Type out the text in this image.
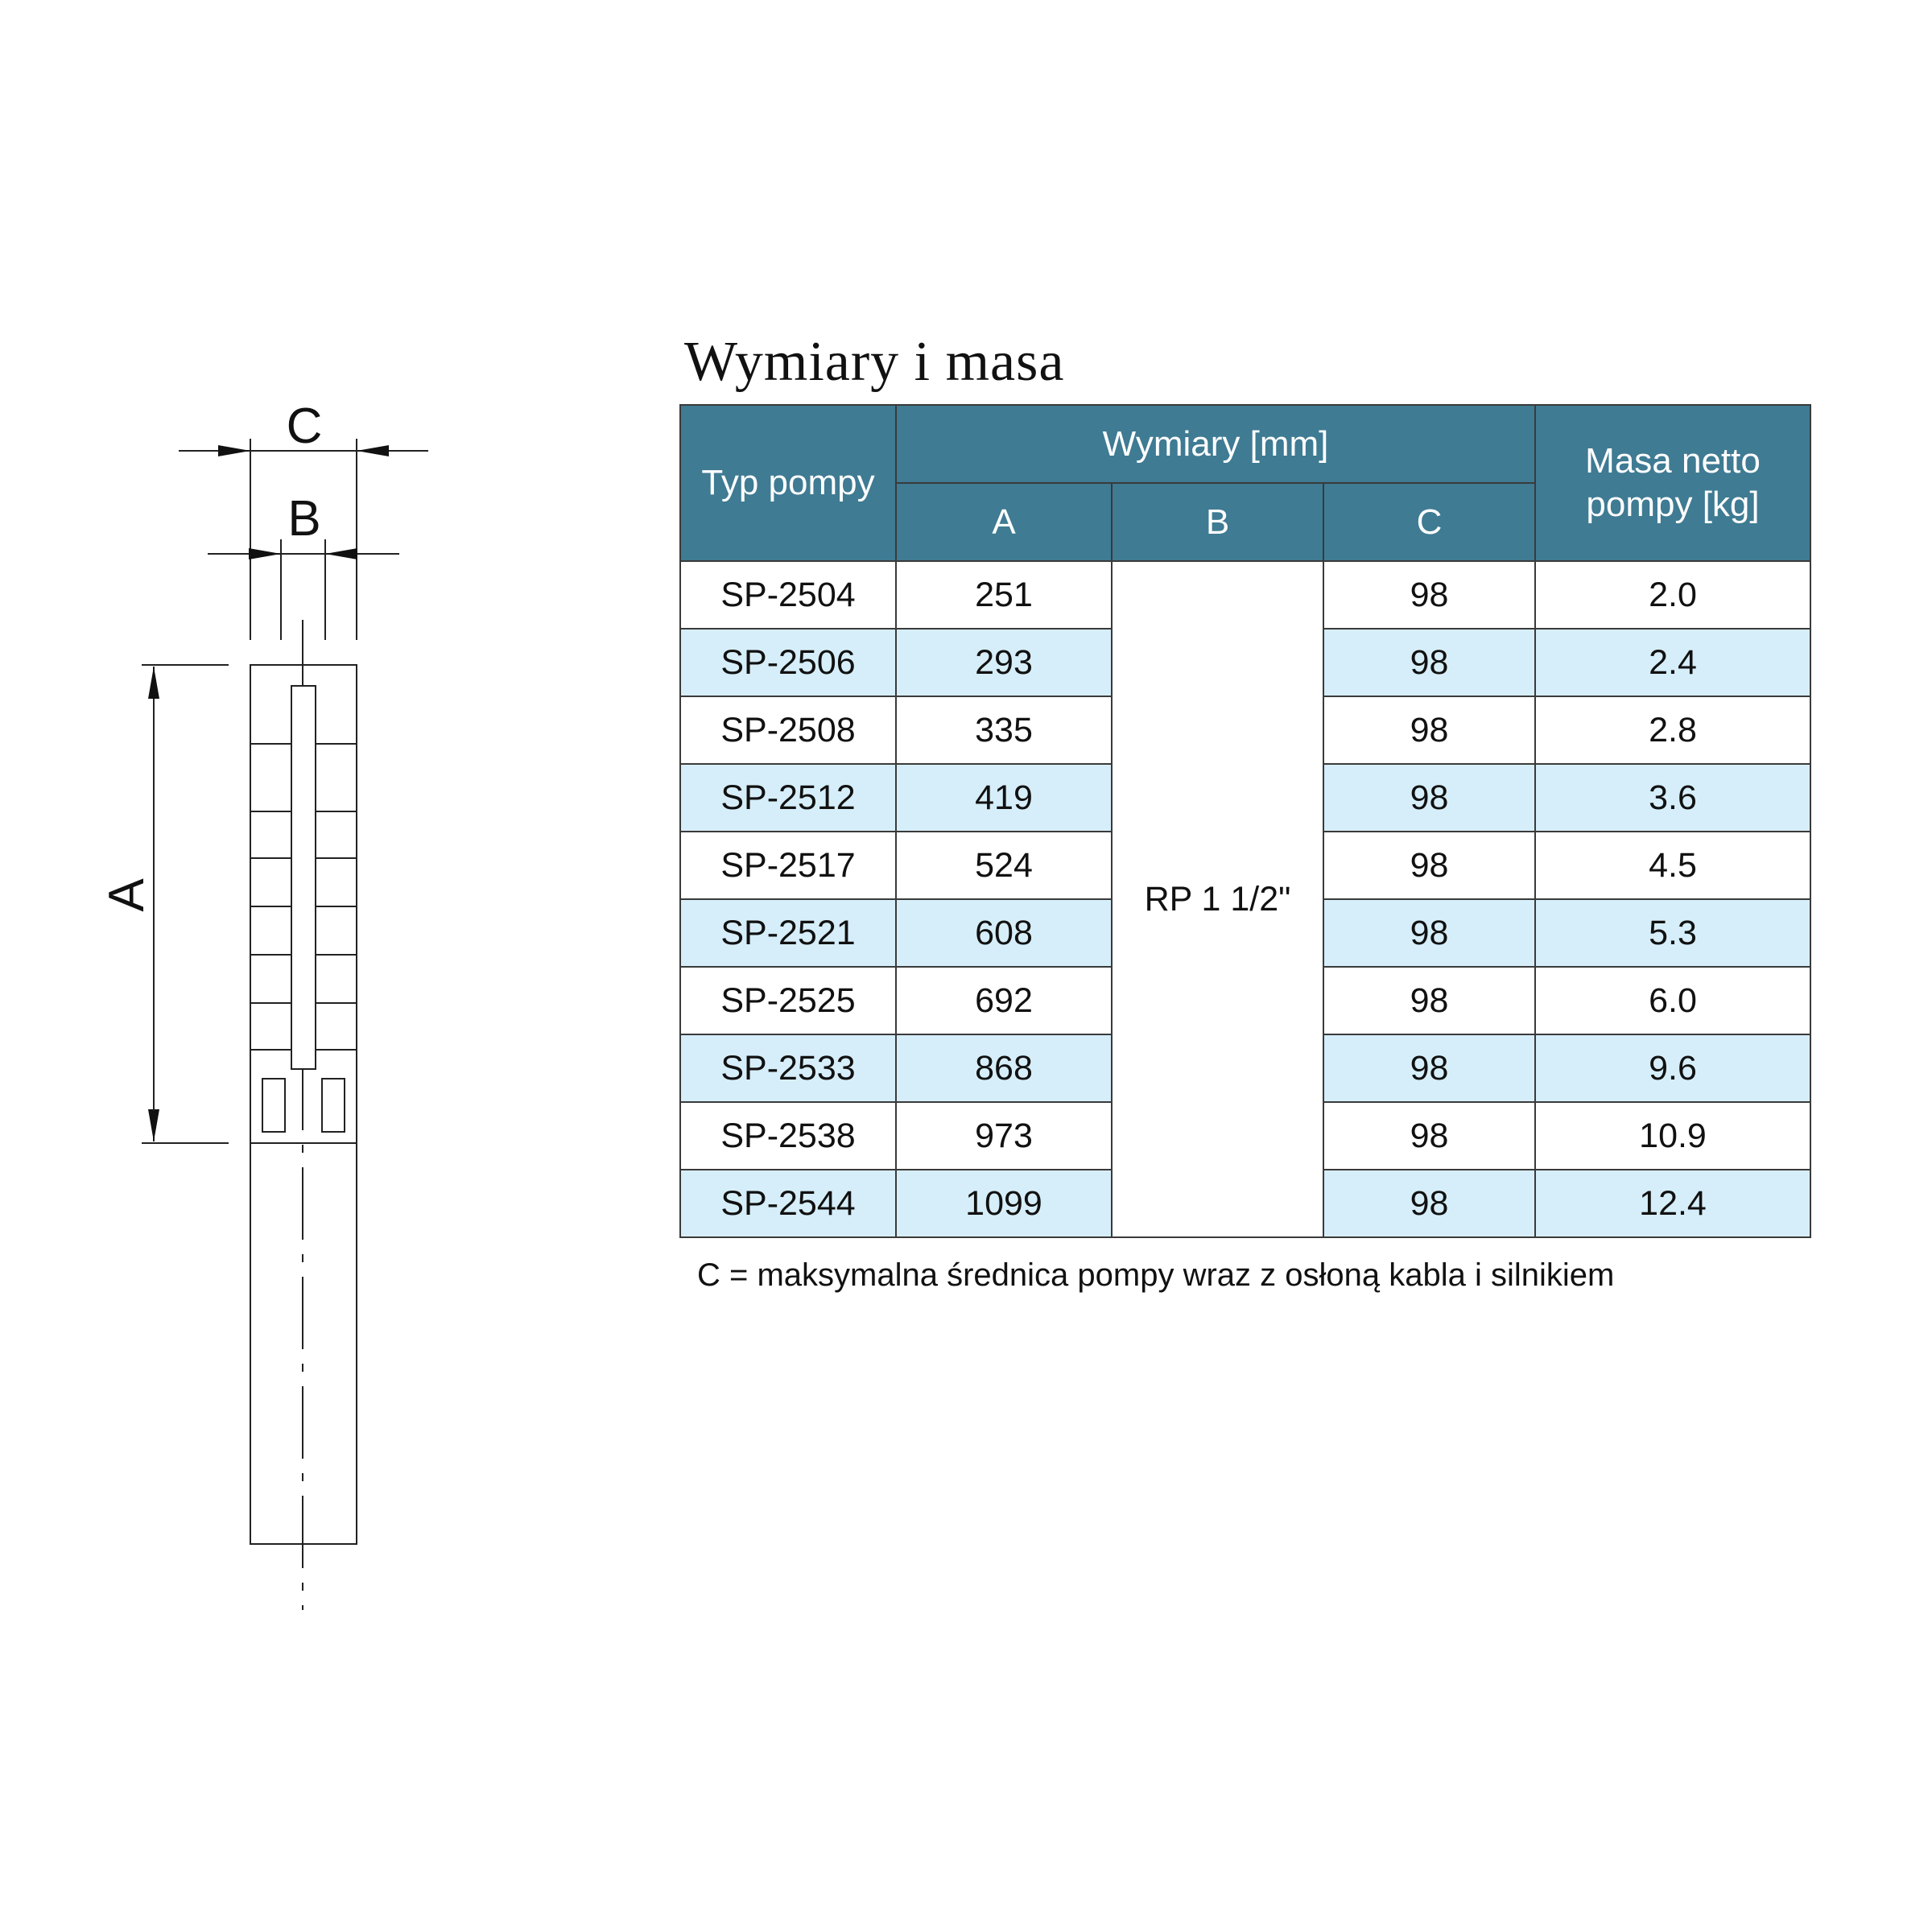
C
B
A
Wymiary i masa
Typ pompy	Wymiary [mm]			Masa netto
pompy [kg]

	A	B	C	
SP-2504	251	RP 1 1/2"	98	2.0
SP-2506	293		98	2.4
SP-2508	335		98	2.8
SP-2512	419		98	3.6
SP-2517	524		98	4.5
SP-2521	608		98	5.3
SP-2525	692		98	6.0
SP-2533	868		98	9.6
SP-2538	973		98	10.9
SP-2544	1099		98	12.4

C = maksymalna średnica pompy wraz z osłoną kabla i silnikiem
